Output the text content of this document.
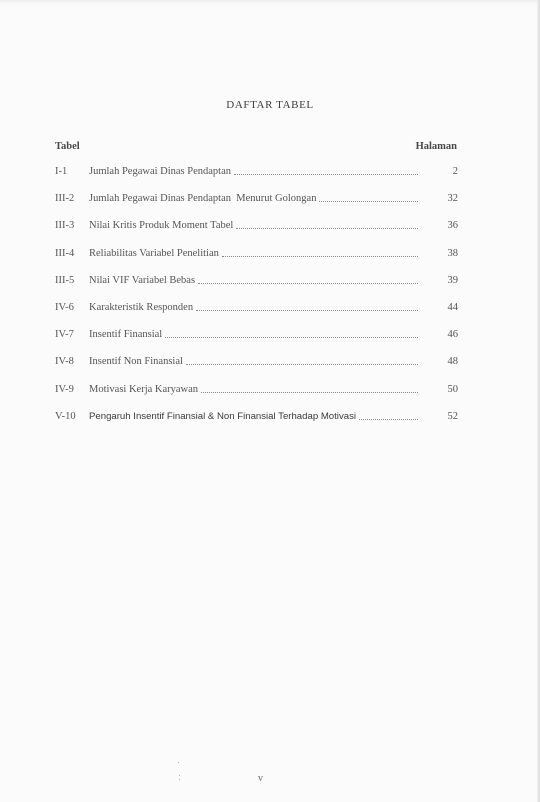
DAFTAR TABEL
Tabel	Halaman
I-1	Jumlah Pegawai Dinas Pendaptan	2
III-2	Jumlah Pegawai Dinas Pendaptan  Menurut Golongan	32
III-3	Nilai Kritis Produk Moment Tabel	36
III-4	Reliabilitas Variabel Penelitian	38
III-5	Nilai VIF Variabel Bebas	39
IV-6	Karakteristik Responden	44
IV-7	Insentif Finansial	46
IV-8	Insentif Non Finansial	48
IV-9	Motivasi Kerja Karyawan	50
V-10	Pengaruh Insentif Finansial & Non Finansial Terhadap Motivasi	52
v
